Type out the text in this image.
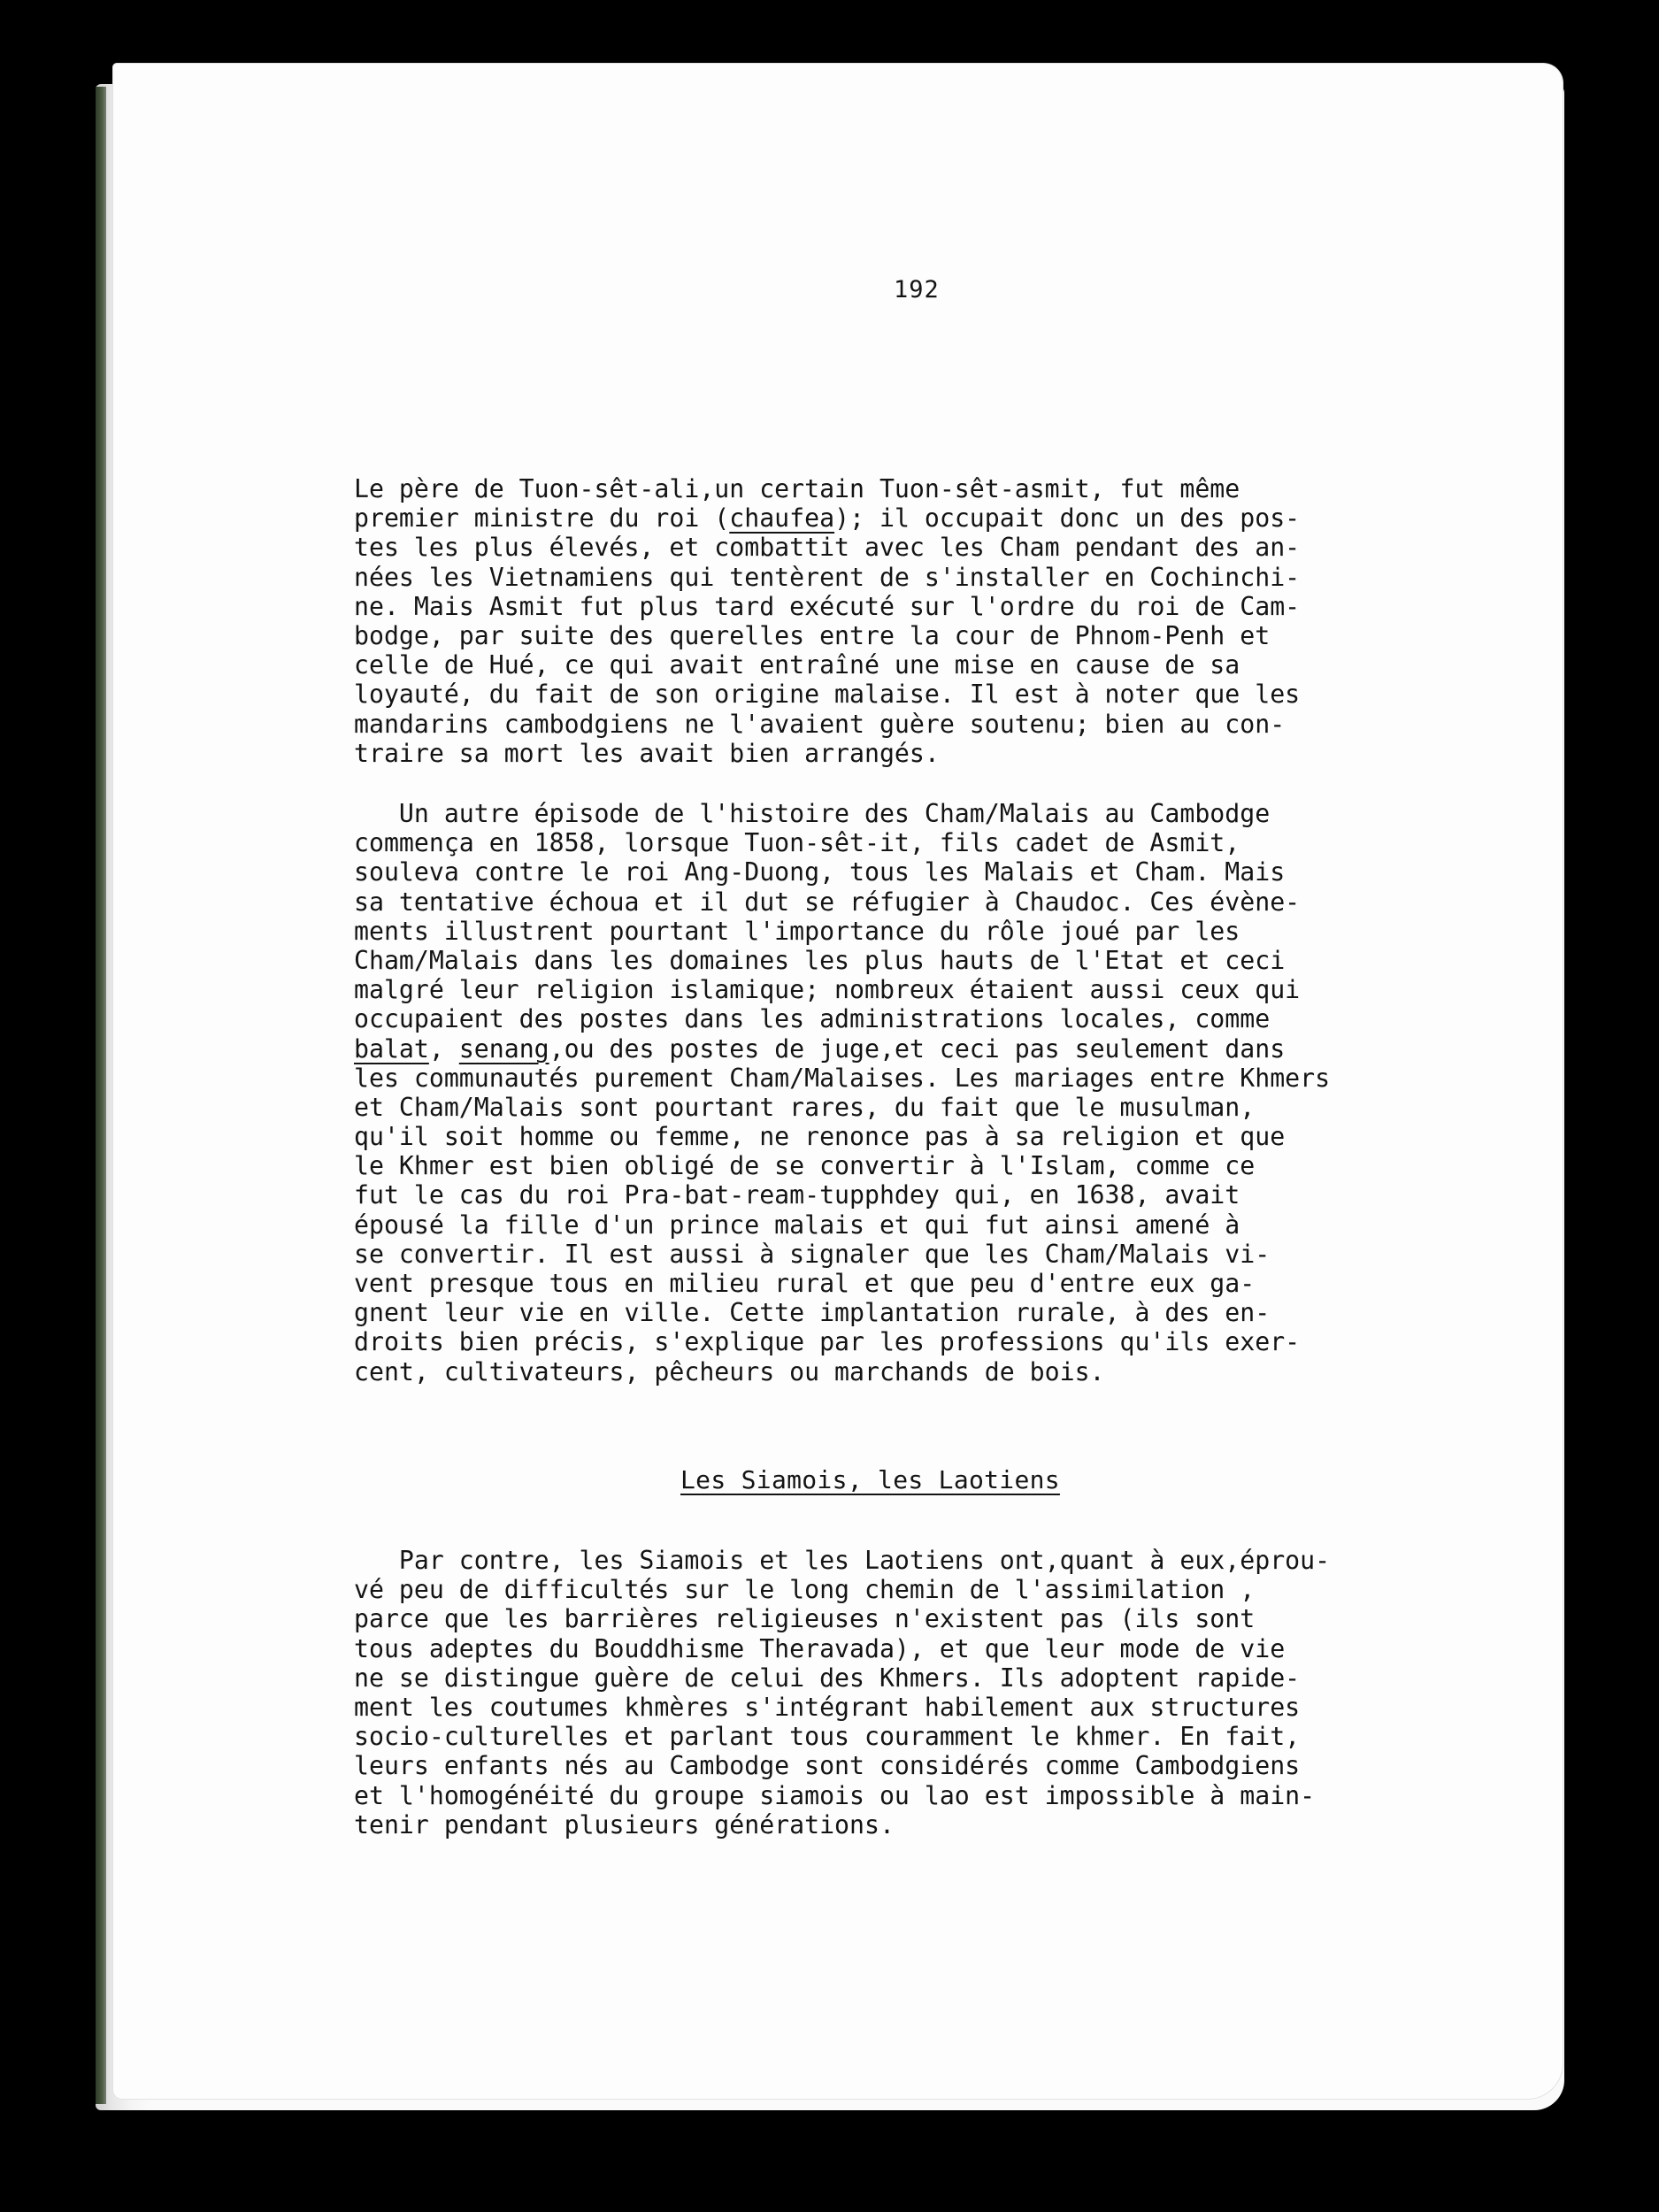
192
Le père de Tuon-sêt-ali,un certain Tuon-sêt-asmit, fut même
premier ministre du roi (chaufea); il occupait donc un des pos-
tes les plus élevés, et combattit avec les Cham pendant des an-
nées les Vietnamiens qui tentèrent de s'installer en Cochinchi-
ne. Mais Asmit fut plus tard exécuté sur l'ordre du roi de Cam-
bodge, par suite des querelles entre la cour de Phnom-Penh et
celle de Hué, ce qui avait entraîné une mise en cause de sa
loyauté, du fait de son origine malaise. Il est à noter que les
mandarins cambodgiens ne l'avaient guère soutenu; bien au con-
traire sa mort les avait bien arrangés.
Un autre épisode de l'histoire des Cham/Malais au Cambodge
commença en 1858, lorsque Tuon-sêt-it, fils cadet de Asmit,
souleva contre le roi Ang-Duong, tous les Malais et Cham. Mais
sa tentative échoua et il dut se réfugier à Chaudoc. Ces évène-
ments illustrent pourtant l'importance du rôle joué par les
Cham/Malais dans les domaines les plus hauts de l'Etat et ceci
malgré leur religion islamique; nombreux étaient aussi ceux qui
occupaient des postes dans les administrations locales, comme
balat, senang,ou des postes de juge,et ceci pas seulement dans
les communautés purement Cham/Malaises. Les mariages entre Khmers
et Cham/Malais sont pourtant rares, du fait que le musulman,
qu'il soit homme ou femme, ne renonce pas à sa religion et que
le Khmer est bien obligé de se convertir à l'Islam, comme ce
fut le cas du roi Pra-bat-ream-tupphdey qui, en 1638, avait
épousé la fille d'un prince malais et qui fut ainsi amené à
se convertir. Il est aussi à signaler que les Cham/Malais vi-
vent presque tous en milieu rural et que peu d'entre eux ga-
gnent leur vie en ville. Cette implantation rurale, à des en-
droits bien précis, s'explique par les professions qu'ils exer-
cent, cultivateurs, pêcheurs ou marchands de bois.
Les Siamois, les Laotiens
Par contre, les Siamois et les Laotiens ont,quant à eux,éprou-
vé peu de difficultés sur le long chemin de l'assimilation ,
parce que les barrières religieuses n'existent pas (ils sont
tous adeptes du Bouddhisme Theravada), et que leur mode de vie
ne se distingue guère de celui des Khmers. Ils adoptent rapide-
ment les coutumes khmères s'intégrant habilement aux structures
socio-culturelles et parlant tous couramment le khmer. En fait,
leurs enfants nés au Cambodge sont considérés comme Cambodgiens
et l'homogénéité du groupe siamois ou lao est impossible à main-
tenir pendant plusieurs générations.
